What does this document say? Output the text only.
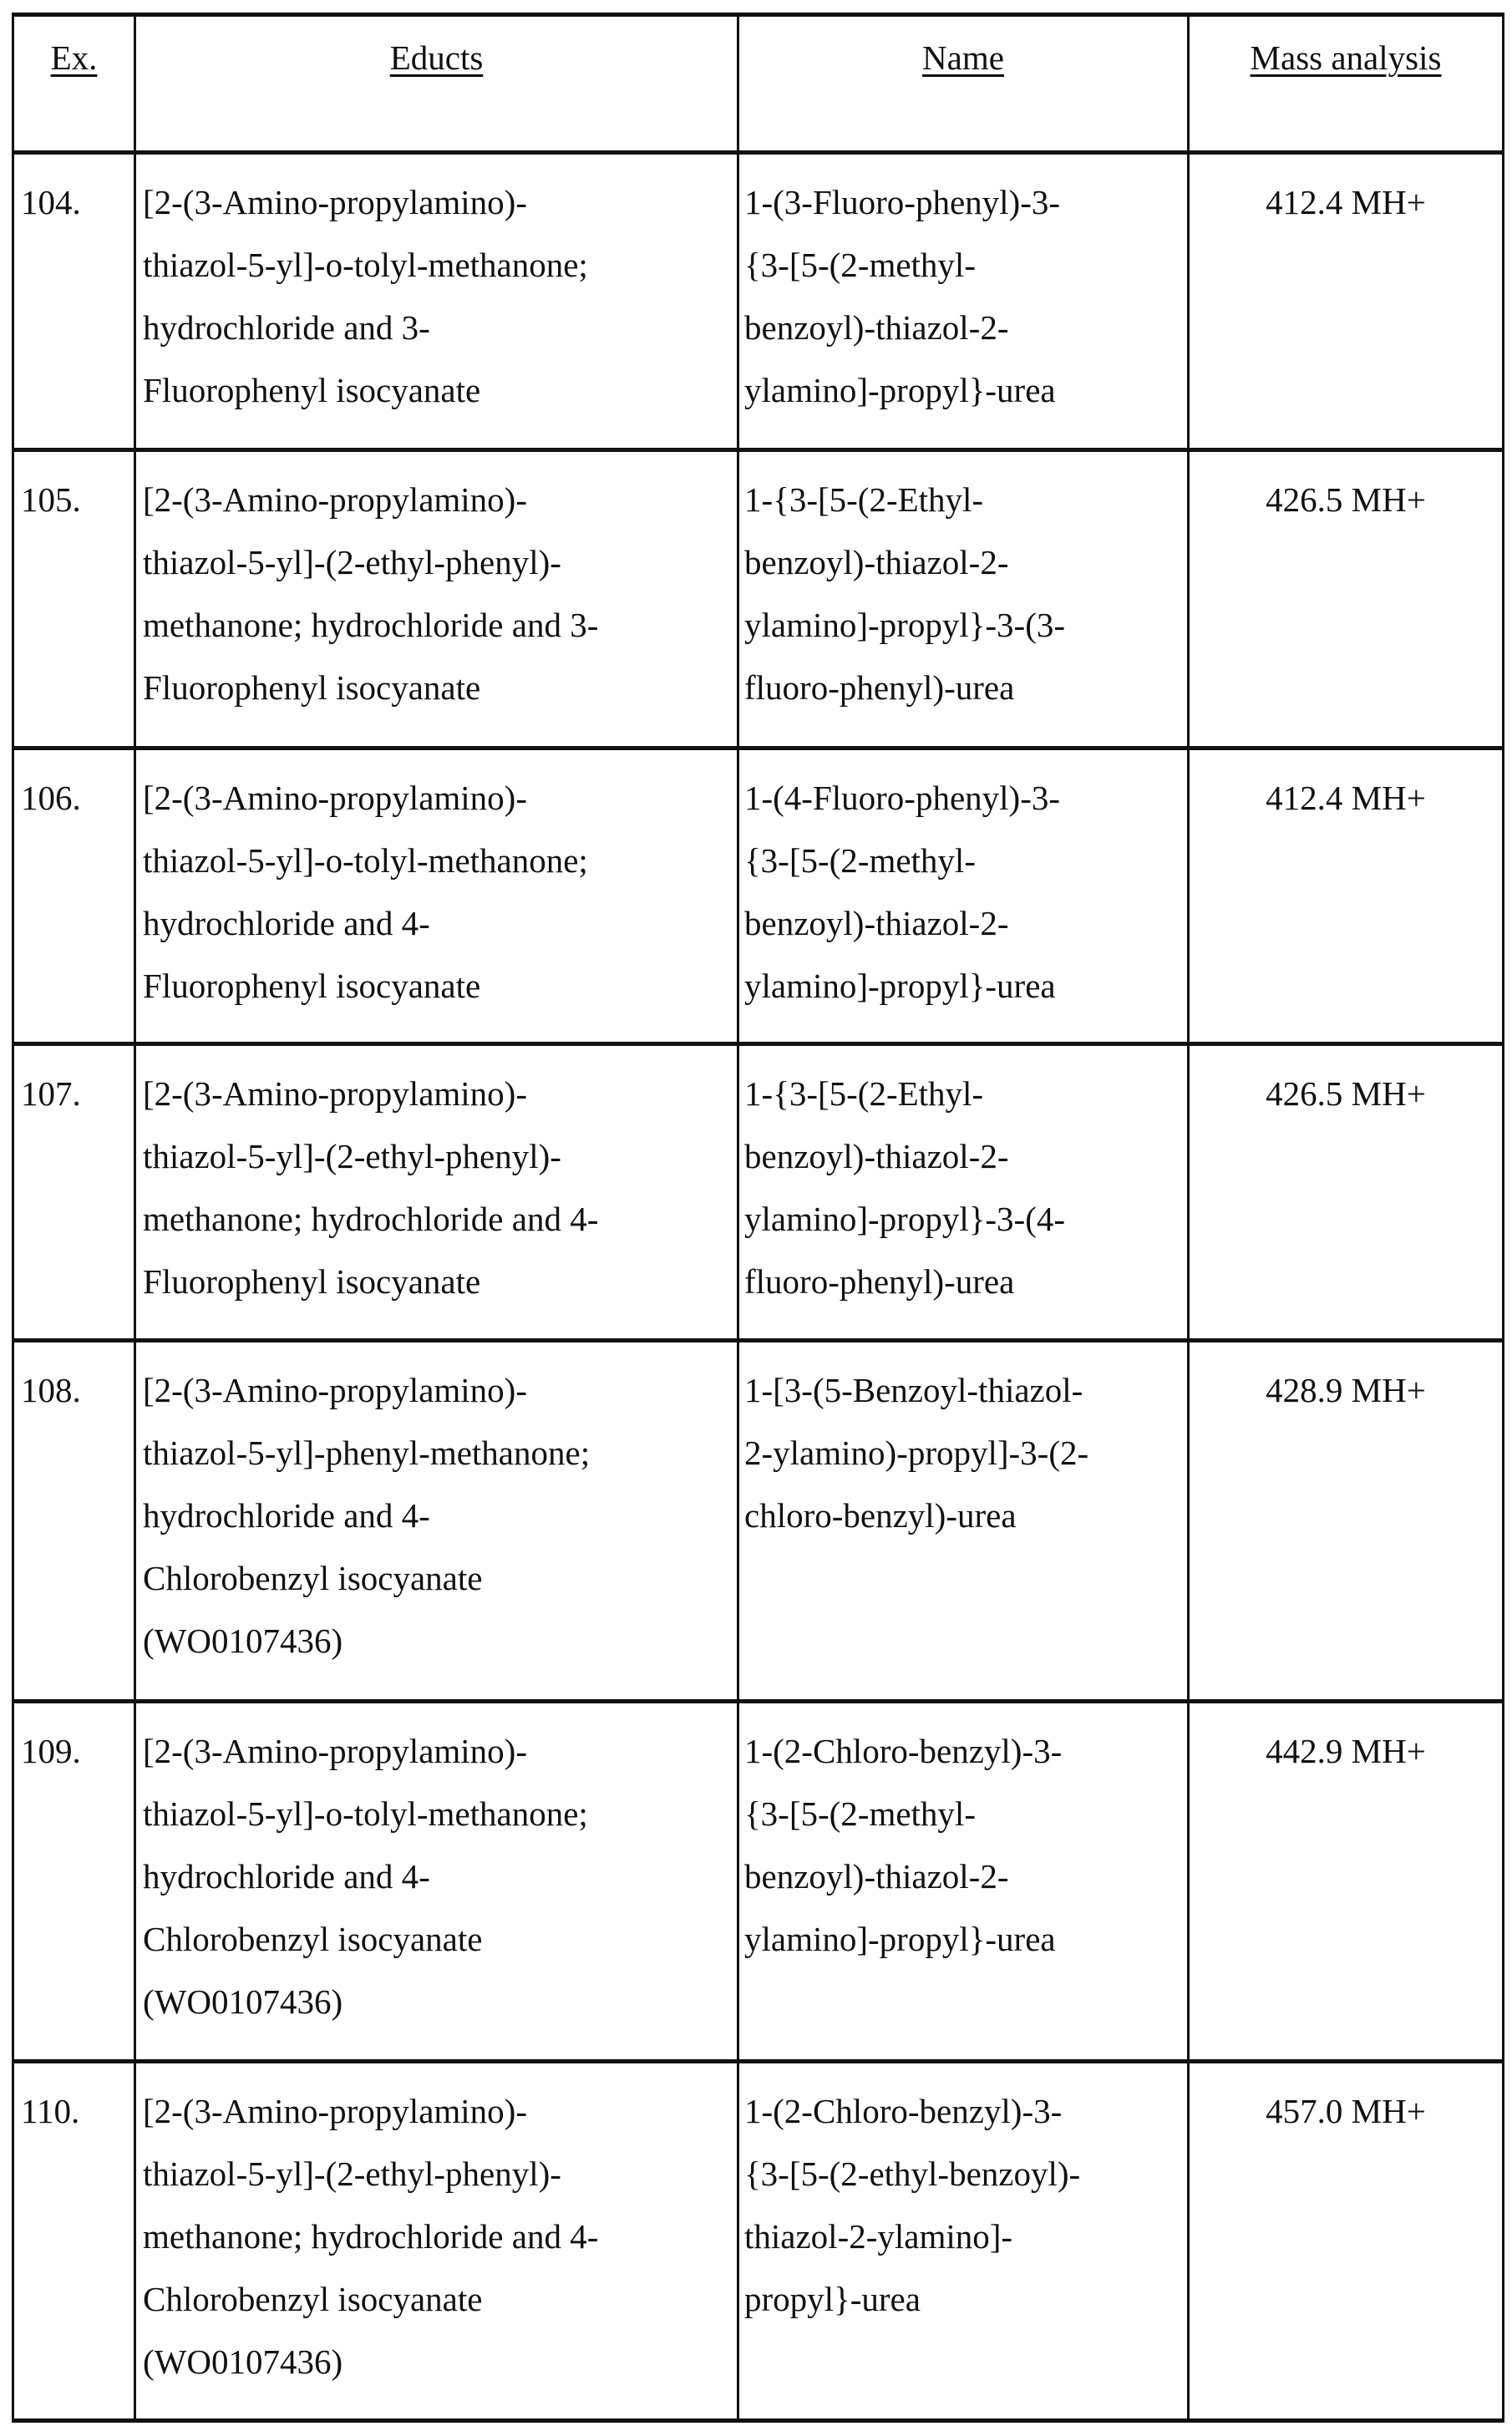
Ex.	Educts	Name	Mass analysis
104.	[2-(3-Amino-propylamino)-
thiazol-5-yl]-o-tolyl-methanone;
hydrochloride and 3-
Fluorophenyl isocyanate

1-(3-Fluoro-phenyl)-3-
{3-[5-(2-methyl-
benzoyl)-thiazol-2-
ylamino]-propyl}-urea
	412.4 MH+
105.	[2-(3-Amino-propylamino)-
thiazol-5-yl]-(2-ethyl-phenyl)-
methanone; hydrochloride and 3-
Fluorophenyl isocyanate

1-{3-[5-(2-Ethyl-
benzoyl)-thiazol-2-
ylamino]-propyl}-3-(3-
fluoro-phenyl)-urea
	426.5 MH+
106.	[2-(3-Amino-propylamino)-
thiazol-5-yl]-o-tolyl-methanone;
hydrochloride and 4-
Fluorophenyl isocyanate

1-(4-Fluoro-phenyl)-3-
{3-[5-(2-methyl-
benzoyl)-thiazol-2-
ylamino]-propyl}-urea
	412.4 MH+
107.	[2-(3-Amino-propylamino)-
thiazol-5-yl]-(2-ethyl-phenyl)-
methanone; hydrochloride and 4-
Fluorophenyl isocyanate

1-{3-[5-(2-Ethyl-
benzoyl)-thiazol-2-
ylamino]-propyl}-3-(4-
fluoro-phenyl)-urea
	426.5 MH+
108.	[2-(3-Amino-propylamino)-
thiazol-5-yl]-phenyl-methanone;
hydrochloride and 4-
Chlorobenzyl isocyanate
(WO0107436)

1-[3-(5-Benzoyl-thiazol-
2-ylamino)-propyl]-3-(2-
chloro-benzyl)-urea
	428.9 MH+
109.	[2-(3-Amino-propylamino)-
thiazol-5-yl]-o-tolyl-methanone;
hydrochloride and 4-
Chlorobenzyl isocyanate
(WO0107436)

1-(2-Chloro-benzyl)-3-
{3-[5-(2-methyl-
benzoyl)-thiazol-2-
ylamino]-propyl}-urea
	442.9 MH+
110.	[2-(3-Amino-propylamino)-
thiazol-5-yl]-(2-ethyl-phenyl)-
methanone; hydrochloride and 4-
Chlorobenzyl isocyanate
(WO0107436)

1-(2-Chloro-benzyl)-3-
{3-[5-(2-ethyl-benzoyl)-
thiazol-2-ylamino]-
propyl}-urea
	457.0 MH+
